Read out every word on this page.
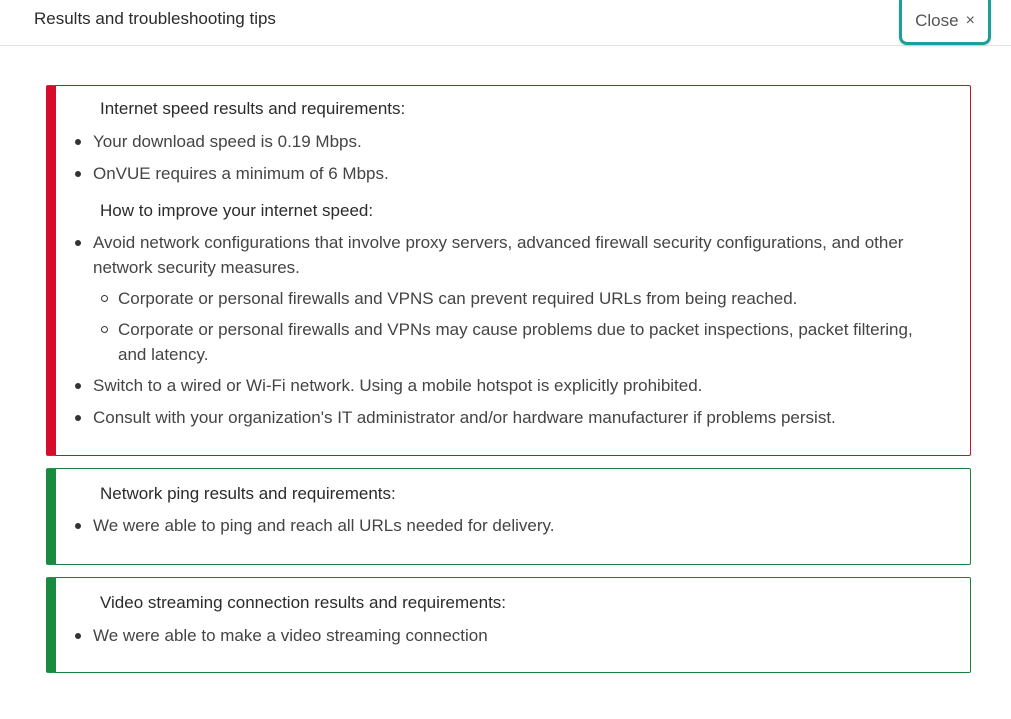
Results and troubleshooting tips	Close ×

Internet speed results and requirements:

Your download speed is 0.19 Mbps.

OnVUE requires a minimum of 6 Mbps.

How to improve your internet speed:

Avoid network configurations that involve proxy servers, advanced firewall security configurations, and other network security measures.

Corporate or personal firewalls and VPNS can prevent required URLs from being reached.

Corporate or personal firewalls and VPNs may cause problems due to packet inspections, packet filtering, and latency.

Switch to a wired or Wi-Fi network. Using a mobile hotspot is explicitly prohibited.

Consult with your organization's IT administrator and/or hardware manufacturer if problems persist.

Network ping results and requirements:

We were able to ping and reach all URLs needed for delivery.

Video streaming connection results and requirements:

We were able to make a video streaming connection
